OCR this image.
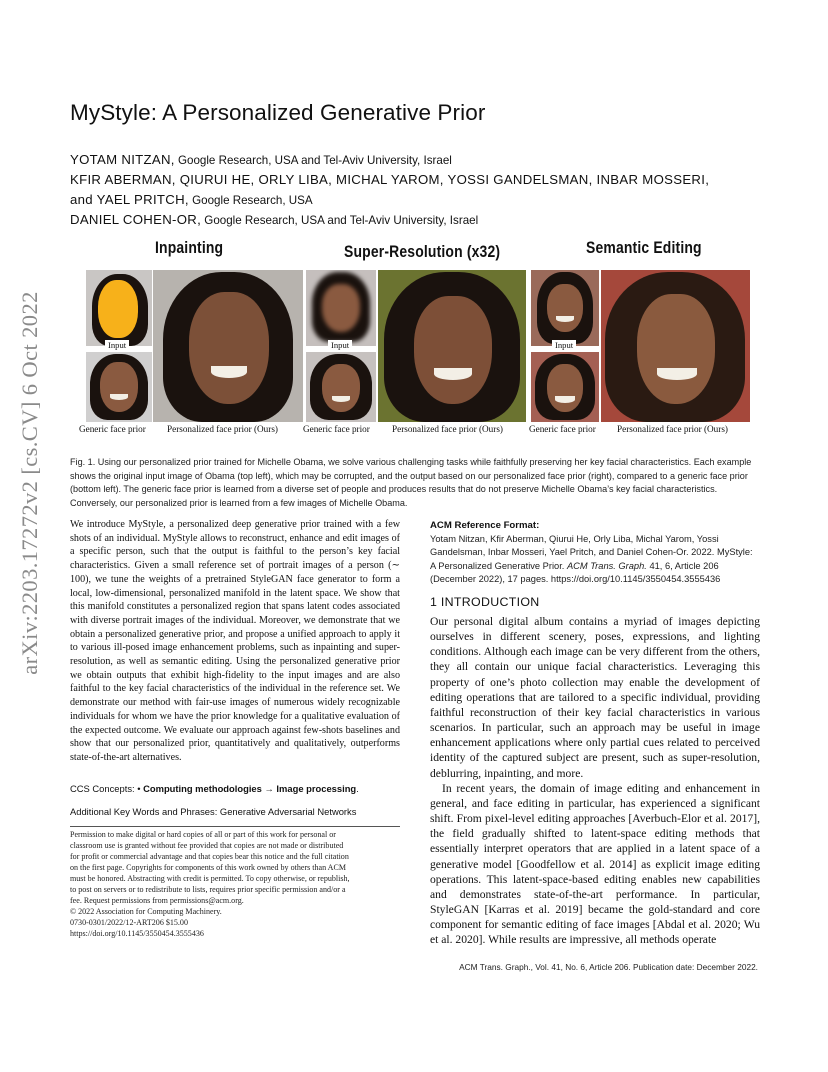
arXiv:2203.17272v2 [cs.CV] 6 Oct 2022
MyStyle: A Personalized Generative Prior
YOTAM NITZAN, Google Research, USA and Tel-Aviv University, Israel
KFIR ABERMAN, QIURUI HE, ORLY LIBA, MICHAL YAROM, YOSSI GANDELSMAN, INBAR MOSSERI,
and YAEL PRITCH, Google Research, USA
DANIEL COHEN-OR, Google Research, USA and Tel-Aviv University, Israel
Inpainting	Super-Resolution (x32)	Semantic Editing
Input	Input	Input
Generic face prior Personalized face prior (Ours)	Generic face prior Personalized face prior (Ours)	Generic face prior Personalized face prior (Ours)
Fig. 1. Using our personalized prior trained for Michelle Obama, we solve various challenging tasks while faithfully preserving her key facial characteristics. Each example shows the original input image of Obama (top left), which may be corrupted, and the output based on our personalized face prior (right), compared to a generic face prior (bottom left). The generic face prior is learned from a diverse set of people and produces results that do not preserve Michelle Obama’s key facial characteristics. Conversely, our personalized prior is learned from a few images of Michelle Obama.
We introduce MyStyle, a personalized deep generative prior trained with a few shots of an individual. MyStyle allows to reconstruct, enhance and edit images of a specific person, such that the output is faithful to the person’s key facial characteristics. Given a small reference set of portrait images of a person (∼ 100), we tune the weights of a pretrained StyleGAN face generator to form a local, low-dimensional, personalized manifold in the latent space. We show that this manifold constitutes a personalized region that spans latent codes associated with diverse portrait images of the individual. Moreover, we demonstrate that we obtain a personalized generative prior, and propose a unified approach to apply it to various ill-posed image enhancement problems, such as inpainting and super-resolution, as well as semantic editing. Using the personalized generative prior we obtain outputs that exhibit high-fidelity to the input images and are also faithful to the key facial characteristics of the individual in the reference set. We demonstrate our method with fair-use images of numerous widely recognizable individuals for whom we have the prior knowledge for a qualitative evaluation of the expected outcome. We evaluate our approach against few-shots baselines and show that our personalized prior, quantitatively and qualitatively, outperforms state-of-the-art alternatives.
CCS Concepts: • Computing methodologies → Image processing.
Additional Key Words and Phrases: Generative Adversarial Networks
Permission to make digital or hard copies of all or part of this work for personal or
classroom use is granted without fee provided that copies are not made or distributed
for profit or commercial advantage and that copies bear this notice and the full citation
on the first page. Copyrights for components of this work owned by others than ACM
must be honored. Abstracting with credit is permitted. To copy otherwise, or republish,
to post on servers or to redistribute to lists, requires prior specific permission and/or a
fee. Request permissions from permissions@acm.org.
© 2022 Association for Computing Machinery.
0730-0301/2022/12-ART206 $15.00
https://doi.org/10.1145/3550454.3555436
ACM Reference Format:
Yotam Nitzan, Kfir Aberman, Qiurui He, Orly Liba, Michal Yarom, Yossi Gandelsman, Inbar Mosseri, Yael Pritch, and Daniel Cohen-Or. 2022. MyStyle: A Personalized Generative Prior. ACM Trans. Graph. 41, 6, Article 206 (December 2022), 17 pages. https://doi.org/10.1145/3550454.3555436
1 INTRODUCTION

Our personal digital album contains a myriad of images depicting ourselves in different scenery, poses, expressions, and lighting conditions. Although each image can be very different from the others, they all contain our unique facial characteristics. Leveraging this property of one’s photo collection may enable the development of editing operations that are tailored to a specific individual, providing faithful reconstruction of their key facial characteristics in various scenarios. In particular, such an approach may be useful in image enhancement applications where only partial cues related to perceived identity of the captured subject are present, such as super-resolution, deblurring, inpainting, and more.

In recent years, the domain of image editing and enhancement in general, and face editing in particular, has experienced a significant shift. From pixel-level editing approaches [Averbuch-Elor et al. 2017], the field gradually shifted to latent-space editing methods that essentially interpret operators that are applied in a latent space of a generative model [Goodfellow et al. 2014] as explicit image editing operations. This latent-space-based editing enables new capabilities and demonstrates state-of-the-art performance. In particular, StyleGAN [Karras et al. 2019] became the gold-standard and core component for semantic editing of face images [Abdal et al. 2020; Wu et al. 2020]. While results are impressive, all methods operate

ACM Trans. Graph., Vol. 41, No. 6, Article 206. Publication date: December 2022.
